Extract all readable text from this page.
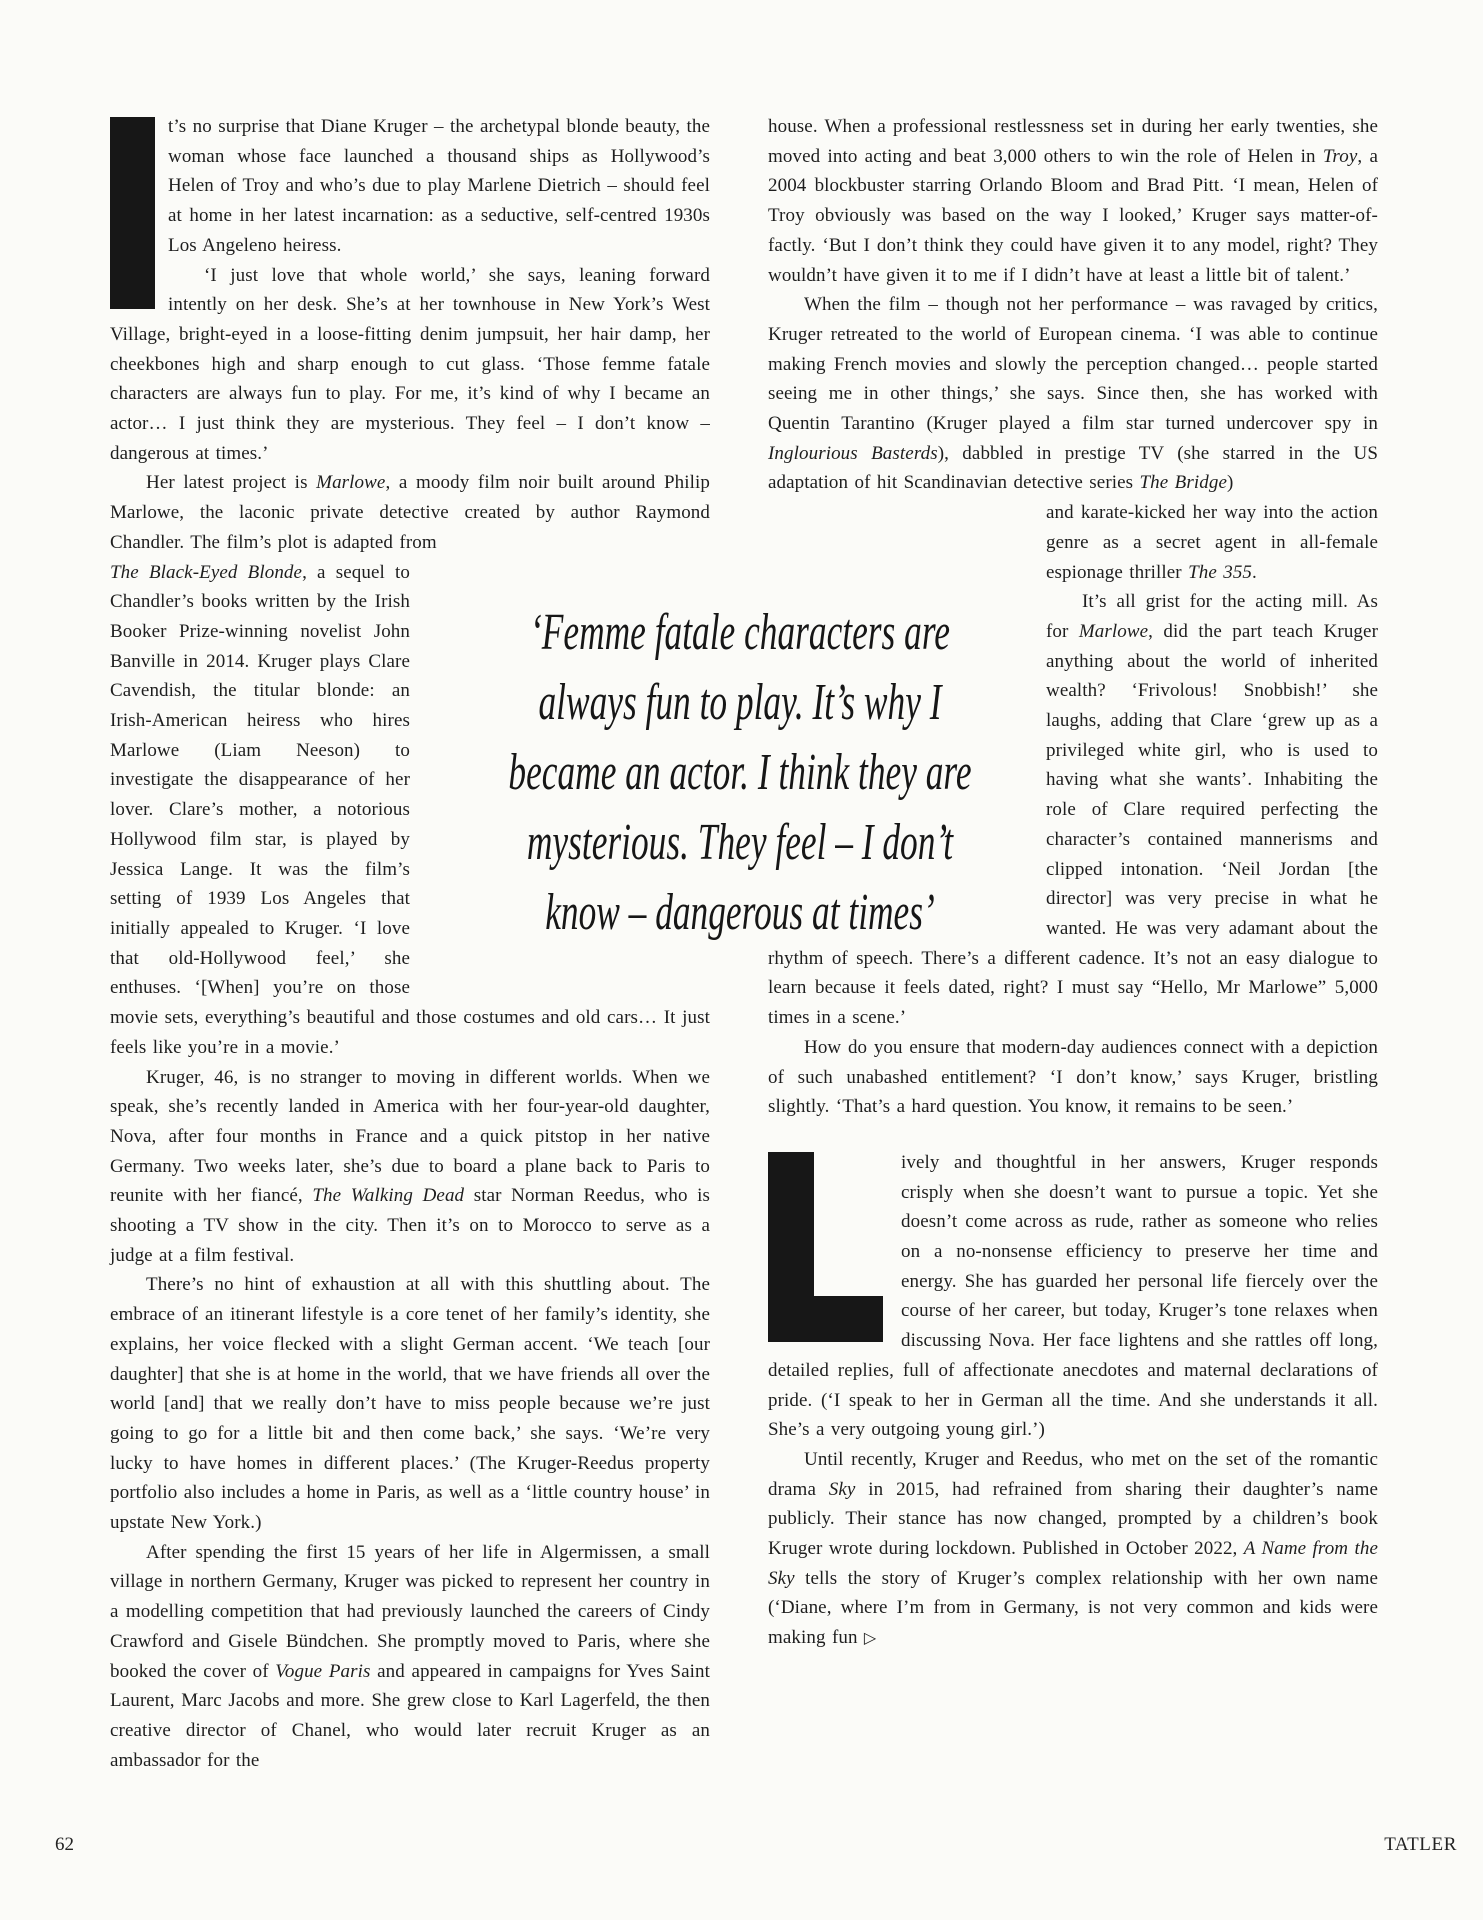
t’s no surprise that Diane Kruger – the archetypal blonde beauty, the woman whose face launched a thousand ships as Hollywood’s Helen of Troy and who’s due to play Marlene Dietrich – should feel at home in her latest incarnation: as a seductive, self-centred 1930s Los Angeleno heiress.

‘I just love that whole world,’ she says, leaning forward intently on her desk. She’s at her townhouse in New York’s West Village, bright-eyed in a loose-fitting denim jumpsuit, her hair damp, her cheekbones high and sharp enough to cut glass. ‘Those femme fatale characters are always fun to play. For me, it’s kind of why I became an actor… I just think they are mysterious. They feel – I don’t know – dangerous at times.’

Her latest project is Marlowe, a moody film noir built around Philip Marlowe, the laconic private detective created by author Raymond Chandler. The film’s plot is adapted from

The Black-Eyed Blonde, a sequel to Chandler’s books written by the Irish Booker Prize-winning novelist John Banville in 2014. Kruger plays Clare Cavendish, the titular blonde: an Irish-American heiress who hires Marlowe (Liam Neeson) to investigate the disappearance of her lover. Clare’s mother, a notorious Hollywood film star, is played by Jessica Lange. It was the film’s setting of 1939 Los Angeles that initially appealed to Kruger. ‘I love that old-Hollywood feel,’ she enthuses. ‘[When] you’re on those movie sets, everything’s beautiful and those costumes and old cars… It just feels like you’re in a movie.’

Kruger, 46, is no stranger to moving in different worlds. When we speak, she’s recently landed in America with her four-year-old daughter, Nova, after four months in France and a quick pitstop in her native Germany. Two weeks later, she’s due to board a plane back to Paris to reunite with her fiancé, The Walking Dead star Norman Reedus, who is shooting a TV show in the city. Then it’s on to Morocco to serve as a judge at a film festival.

There’s no hint of exhaustion at all with this shuttling about. The embrace of an itinerant lifestyle is a core tenet of her family’s identity, she explains, her voice flecked with a slight German accent. ‘We teach [our daughter] that she is at home in the world, that we have friends all over the world [and] that we really don’t have to miss people because we’re just going to go for a little bit and then come back,’ she says. ‘We’re very lucky to have homes in different places.’ (The Kruger-Reedus property portfolio also includes a home in Paris, as well as a ‘little country house’ in upstate New York.)

After spending the first 15 years of her life in Algermissen, a small village in northern Germany, Kruger was picked to represent her country in a modelling competition that had previously launched the careers of Cindy Crawford and Gisele Bündchen. She promptly moved to Paris, where she booked the cover of Vogue Paris and appeared in campaigns for Yves Saint Laurent, Marc Jacobs and more. She grew close to Karl Lagerfeld, the then creative director of Chanel, who would later recruit Kruger as an ambassador for the

house. When a professional restlessness set in during her early twenties, she moved into acting and beat 3,000 others to win the role of Helen in Troy, a 2004 blockbuster starring Orlando Bloom and Brad Pitt. ‘I mean, Helen of Troy obviously was based on the way I looked,’ Kruger says matter-of-factly. ‘But I don’t think they could have given it to any model, right? They wouldn’t have given it to me if I didn’t have at least a little bit of talent.’

When the film – though not her performance – was ravaged by critics, Kruger retreated to the world of European cinema. ‘I was able to continue making French movies and slowly the perception changed… people started seeing me in other things,’ she says. Since then, she has worked with Quentin Tarantino (Kruger played a film star turned undercover spy in Inglourious Basterds), dabbled in prestige TV (she starred in the US adaptation of hit Scandinavian detective series The Bridge)

and karate-kicked her way into the action genre as a secret agent in all-female espionage thriller The 355.

It’s all grist for the acting mill. As for Marlowe, did the part teach Kruger anything about the world of inherited wealth? ‘Frivolous! Snobbish!’ she laughs, adding that Clare ‘grew up as a privileged white girl, who is used to having what she wants’. Inhabiting the role of Clare required perfecting the character’s contained mannerisms and clipped intonation. ‘Neil Jordan [the director] was very precise in what he wanted. He was very adamant about the rhythm of speech. There’s a different cadence. It’s not an easy dialogue to learn because it feels dated, right? I must say “Hello, Mr Marlowe” 5,000 times in a scene.’

How do you ensure that modern-day audiences connect with a depiction of such unabashed entitlement? ‘I don’t know,’ says Kruger, bristling slightly. ‘That’s a hard question. You know, it remains to be seen.’

ively and thoughtful in her answers, Kruger responds crisply when she doesn’t want to pursue a topic. Yet she doesn’t come across as rude, rather as someone who relies on a no-nonsense efficiency to preserve her time and energy. She has guarded her personal life fiercely over the course of her career, but today, Kruger’s tone relaxes when discussing Nova. Her face lightens and she rattles off long, detailed replies, full of affectionate anecdotes and maternal declarations of pride. (‘I speak to her in German all the time. And she understands it all. She’s a very outgoing young girl.’)

Until recently, Kruger and Reedus, who met on the set of the romantic drama Sky in 2015, had refrained from sharing their daughter’s name publicly. Their stance has now changed, prompted by a children’s book Kruger wrote during lockdown. Published in October 2022, A Name from the Sky tells the story of Kruger’s complex relationship with her own name (‘Diane, where I’m from in Germany, is not very common and kids were making fun ▷

‘Femme fatale characters are
always fun to play. It’s why I
became an actor. I think they are
mysterious. They feel – I don’t
know – dangerous at times’
62	TATLER
